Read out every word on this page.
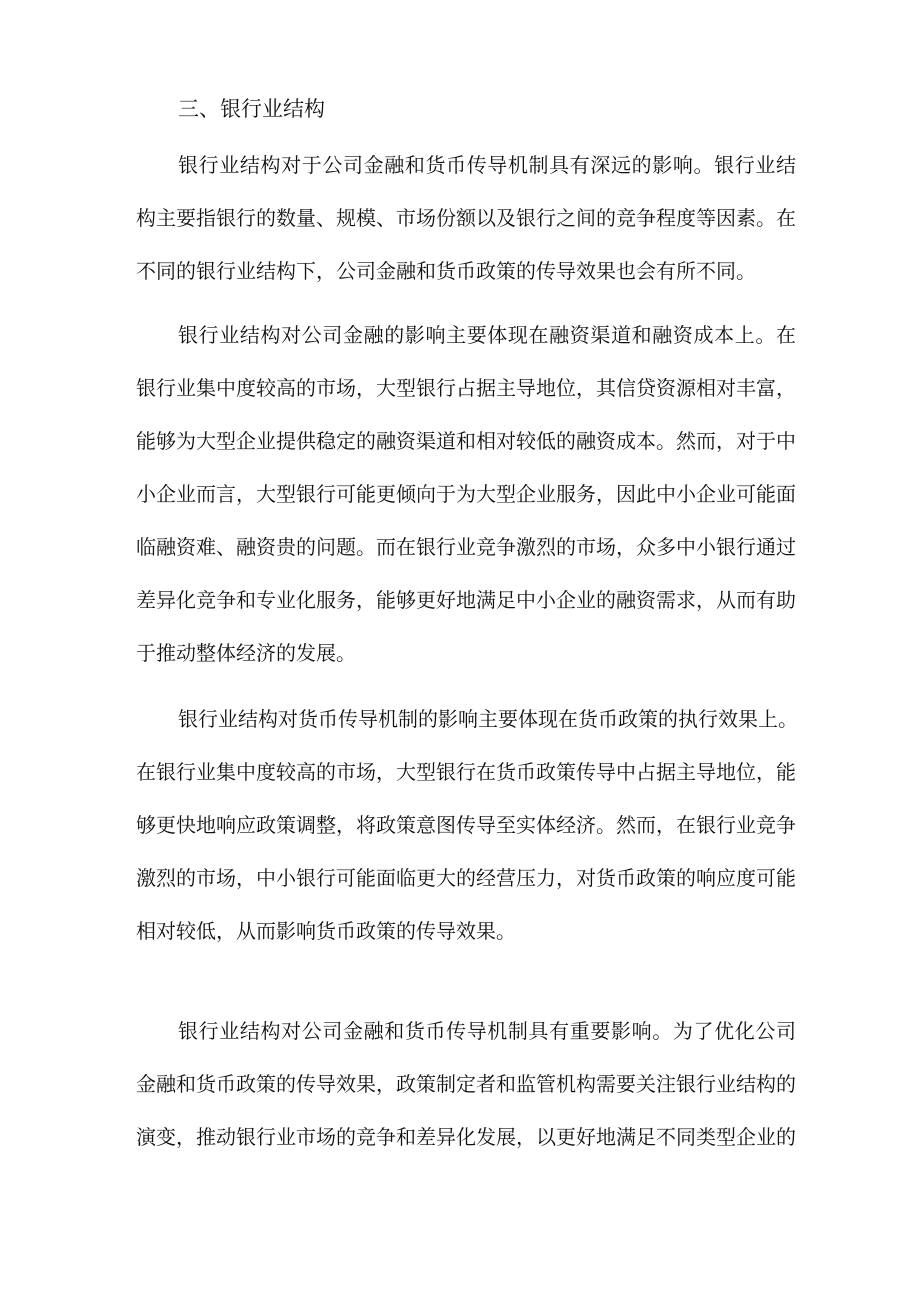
三、银行业结构
银行业结构对于公司金融和货币传导机制具有深远的影响。银行业结
构主要指银行的数量、规模、市场份额以及银行之间的竞争程度等因素。在
不同的银行业结构下，公司金融和货币政策的传导效果也会有所不同。
银行业结构对公司金融的影响主要体现在融资渠道和融资成本上。在
银行业集中度较高的市场，大型银行占据主导地位，其信贷资源相对丰富，
能够为大型企业提供稳定的融资渠道和相对较低的融资成本。然而，对于中
小企业而言，大型银行可能更倾向于为大型企业服务，因此中小企业可能面
临融资难、融资贵的问题。而在银行业竞争激烈的市场，众多中小银行通过
差异化竞争和专业化服务，能够更好地满足中小企业的融资需求，从而有助
于推动整体经济的发展。
银行业结构对货币传导机制的影响主要体现在货币政策的执行效果上。
在银行业集中度较高的市场，大型银行在货币政策传导中占据主导地位，能
够更快地响应政策调整，将政策意图传导至实体经济。然而，在银行业竞争
激烈的市场，中小银行可能面临更大的经营压力，对货币政策的响应度可能
相对较低，从而影响货币政策的传导效果。
银行业结构对公司金融和货币传导机制具有重要影响。为了优化公司
金融和货币政策的传导效果，政策制定者和监管机构需要关注银行业结构的
演变，推动银行业市场的竞争和差异化发展，以更好地满足不同类型企业的
